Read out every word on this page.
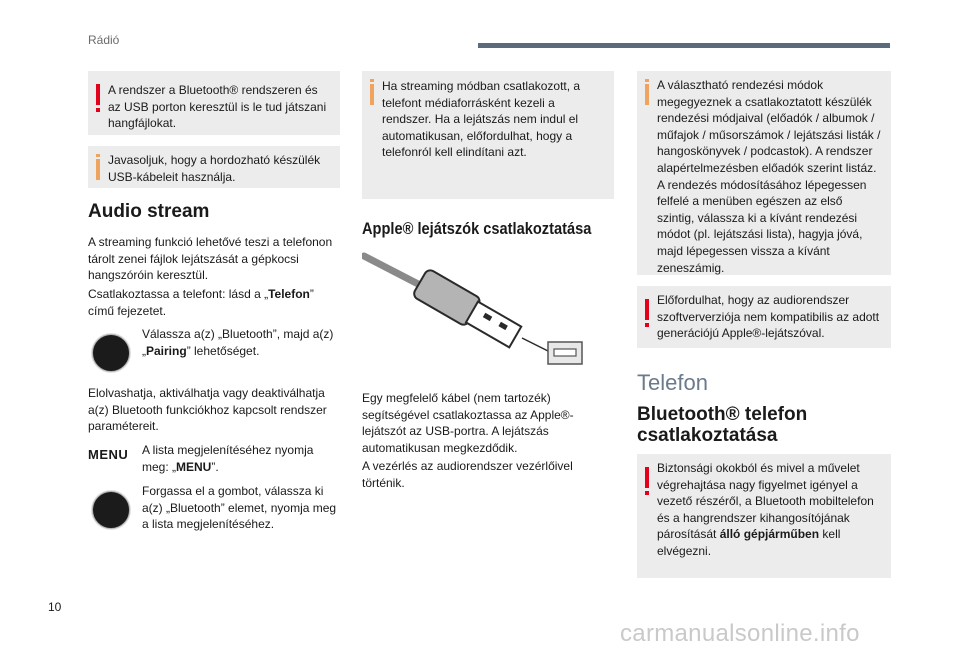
Rádió
A rendszer a Bluetooth® rendszeren és az USB porton keresztül is le tud játszani hangfájlokat.
Javasoljuk, hogy a hordozható készülék USB-kábeleit használja.
Audio stream
A streaming funkció lehetővé teszi a telefonon tárolt zenei fájlok lejátszását a gépkocsi hangszóróin keresztül.
Csatlakoztassa a telefont: lásd a „Telefon” című fejezetet.
Válassza a(z) „Bluetooth”, majd a(z) „Pairing” lehetőséget.
Elolvashatja, aktiválhatja vagy deaktiválhatja a(z) Bluetooth funkciókhoz kapcsolt rendszer paramétereit.
MENU A lista megjelenítéséhez nyomja meg: „MENU”.
Forgassa el a gombot, válassza ki a(z) „Bluetooth” elemet, nyomja meg a lista megjelenítéséhez.
Ha streaming módban csatlakozott, a telefont médiaforrásként kezeli a rendszer. Ha a lejátszás nem indul el automatikusan, előfordulhat, hogy a telefonról kell elindítani azt.
Apple® lejátszók csatlakoztatása
Egy megfelelő kábel (nem tartozék) segítségével csatlakoztassa az Apple®-lejátszót az USB-portra. A lejátszás automatikusan megkezdődik.
A vezérlés az audiorendszer vezérlőivel történik.
A választható rendezési módok megegyeznek a csatlakoztatott készülék rendezési módjaival (előadók / albumok / műfajok / műsorszámok / lejátszási listák / hangoskönyvek / podcastok). A rendszer alapértelmezésben előadók szerint listáz. A rendezés módosításához lépegessen felfelé a menüben egészen az első szintig, válassza ki a kívánt rendezési módot (pl. lejátszási lista), hagyja jóvá, majd lépegessen vissza a kívánt zeneszámig.
Előfordulhat, hogy az audiorendszer szoftververziója nem kompatibilis az adott generációjú Apple®-lejátszóval.
Telefon
Bluetooth® telefon csatlakoztatása
Biztonsági okokból és mivel a művelet végrehajtása nagy figyelmet igényel a vezető részéről, a Bluetooth mobiltelefon és a hangrendszer kihangosítójának párosítását álló gépjárműben kell elvégezni.
10
carmanualsonline.info
